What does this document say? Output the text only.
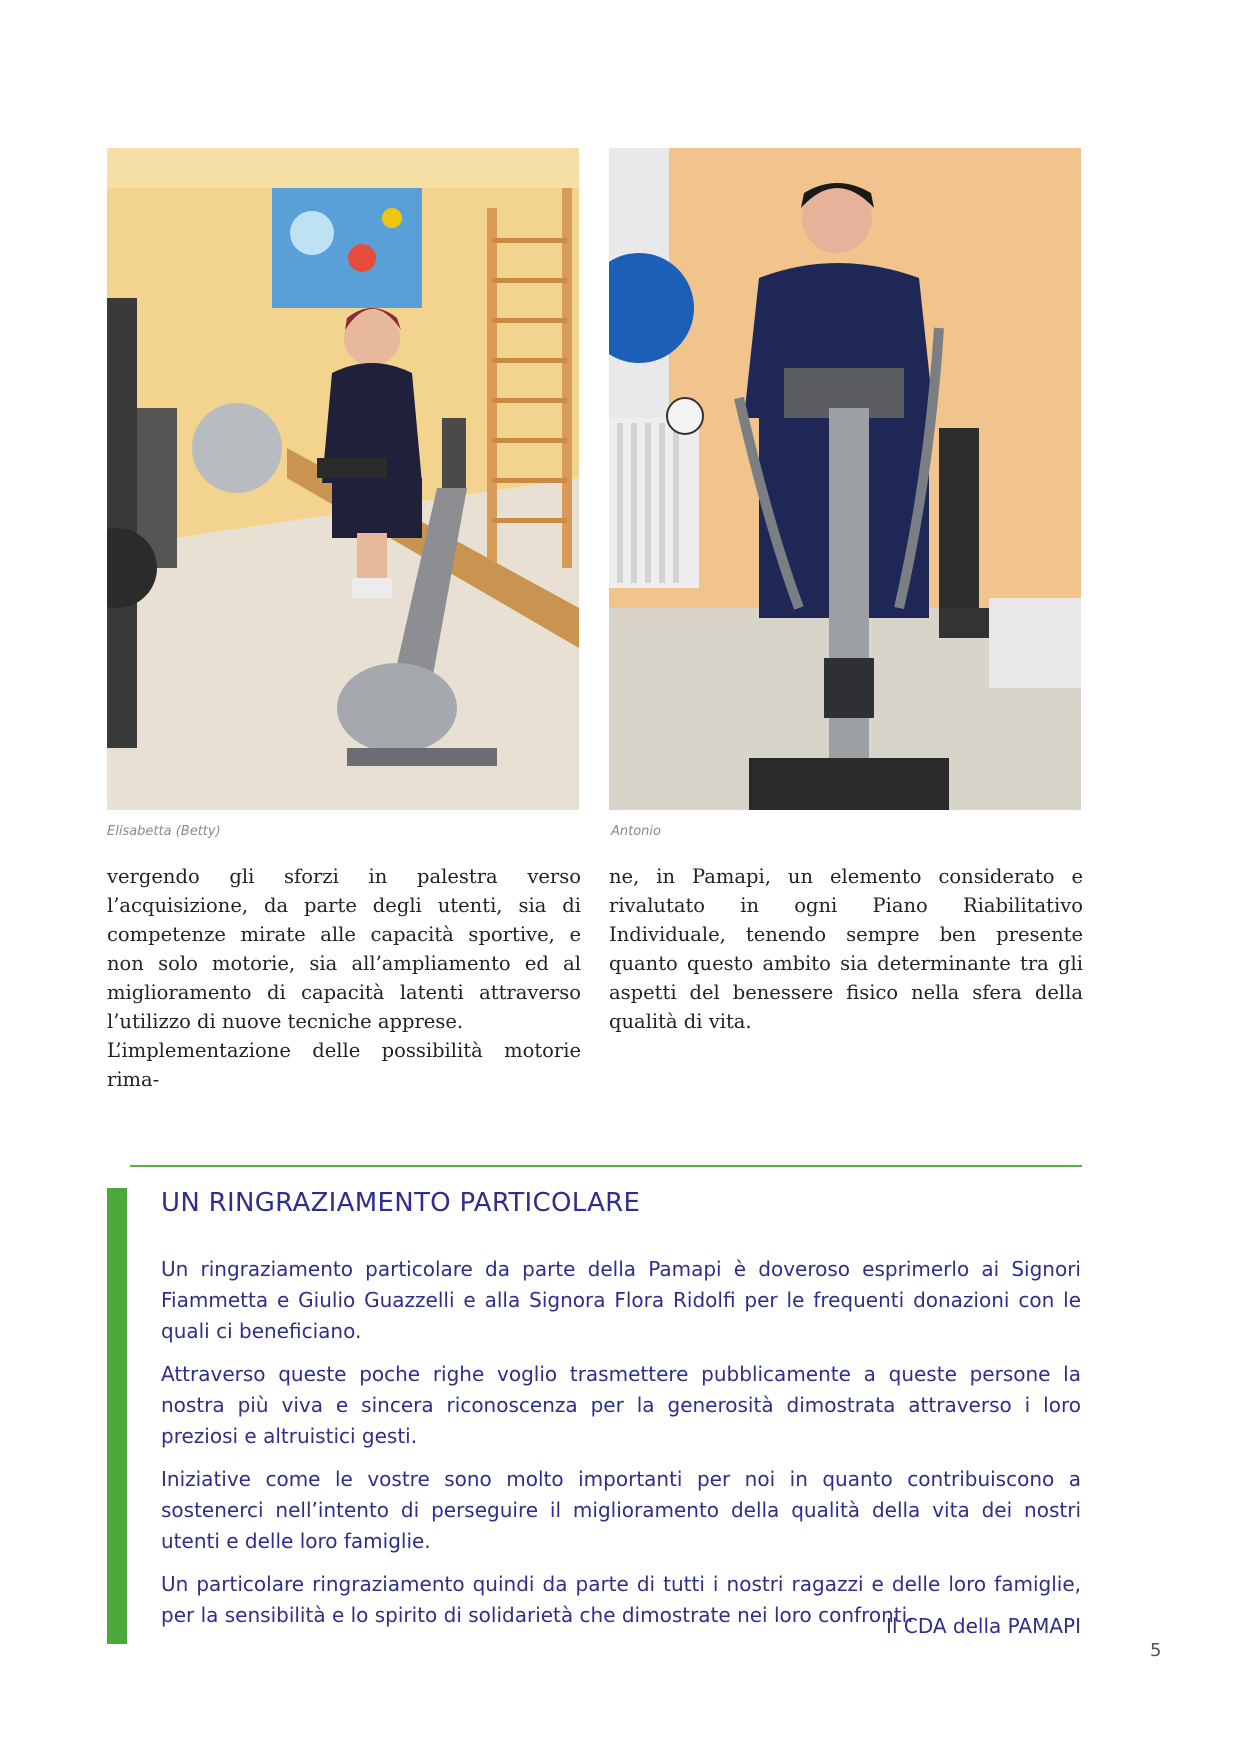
Elisabetta (Betty)	Antonio

vergendo gli sforzi in palestra verso l’acquisizione, da parte degli utenti, sia di competenze mirate alle capacità sportive, e non solo motorie, sia all’ampliamento ed al miglioramento di capacità latenti attraverso l’utilizzo di nuove tecniche apprese.

L’implementazione delle possibilità motorie rima-

ne, in Pamapi, un elemento considerato e rivalutato in ogni Piano Riabilitativo Individuale, tenendo sempre ben presente quanto questo ambito sia determinante tra gli aspetti del benessere fisico nella sfera della qualità di vita.

UN RINGRAZIAMENTO PARTICOLARE

Un ringraziamento particolare da parte della Pamapi è doveroso esprimerlo ai Signori Fiammetta e Giulio Guazzelli e alla Signora Flora Ridolfi per le frequenti donazioni con le quali ci beneficiano.

Attraverso queste poche righe voglio trasmettere pubblicamente a queste persone la nostra più viva e sincera riconoscenza per la generosità dimostrata attraverso i loro preziosi e altruistici gesti.

Iniziative come le vostre sono molto importanti per noi in quanto contribuiscono a sostenerci nell’intento di perseguire il miglioramento della qualità della vita dei nostri utenti e delle loro famiglie.

Un particolare ringraziamento quindi da parte di tutti i nostri ragazzi e delle loro famiglie, per la sensibilità e lo spirito di solidarietà che dimostrate nei loro confronti.

Il CDA della PAMAPI
5
